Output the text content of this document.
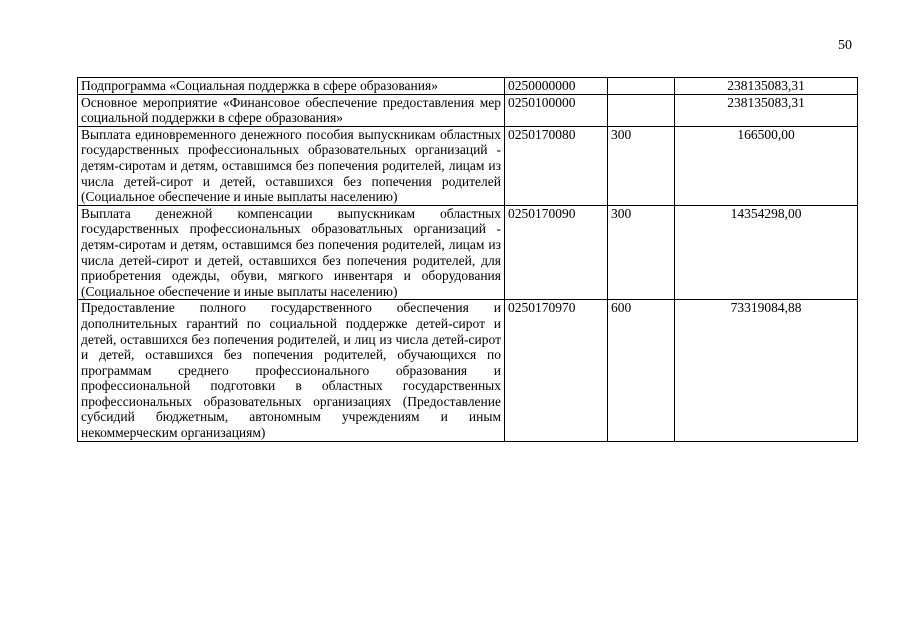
50
Подпрограмма «Социальная поддержка в сфере образования»	0250000000		238135083,31
Основное мероприятие «Финансовое обеспечение предоставления мер социальной поддержки в сфере образования»	0250100000		238135083,31
Выплата единовременного денежного пособия выпускникам областных государственных профессиональных образовательных организаций - детям-сиротам и детям, оставшимся без попечения родителей, лицам из числа детей-сирот и детей, оставшихся без попечения родителей (Социальное обеспечение и иные выплаты населению)	0250170080	300	166500,00
Выплата денежной компенсации выпускникам областных государственных профессиональных образоватльных организаций - детям-сиротам и детям, оставшимся без попечения родителей, лицам из числа детей-сирот и детей, оставшихся без попечения родителей, для приобретения одежды, обуви, мягкого инвентаря и оборудования (Социальное обеспечение и иные выплаты населению)	0250170090	300	14354298,00
Предоставление полного государственного обеспечения и дополнительных гарантий по социальной поддержке детей-сирот и детей, оставшихся без попечения родителей, и лиц из числа детей-сирот и детей, оставшихся без попечения родителей, обучающихся по программам среднего профессионального образования и профессиональной подготовки в областных государственных профессиональных образовательных организациях (Предоставление субсидий бюджетным, автономным учреждениям и иным некоммерческим организациям)	0250170970	600	73319084,88
